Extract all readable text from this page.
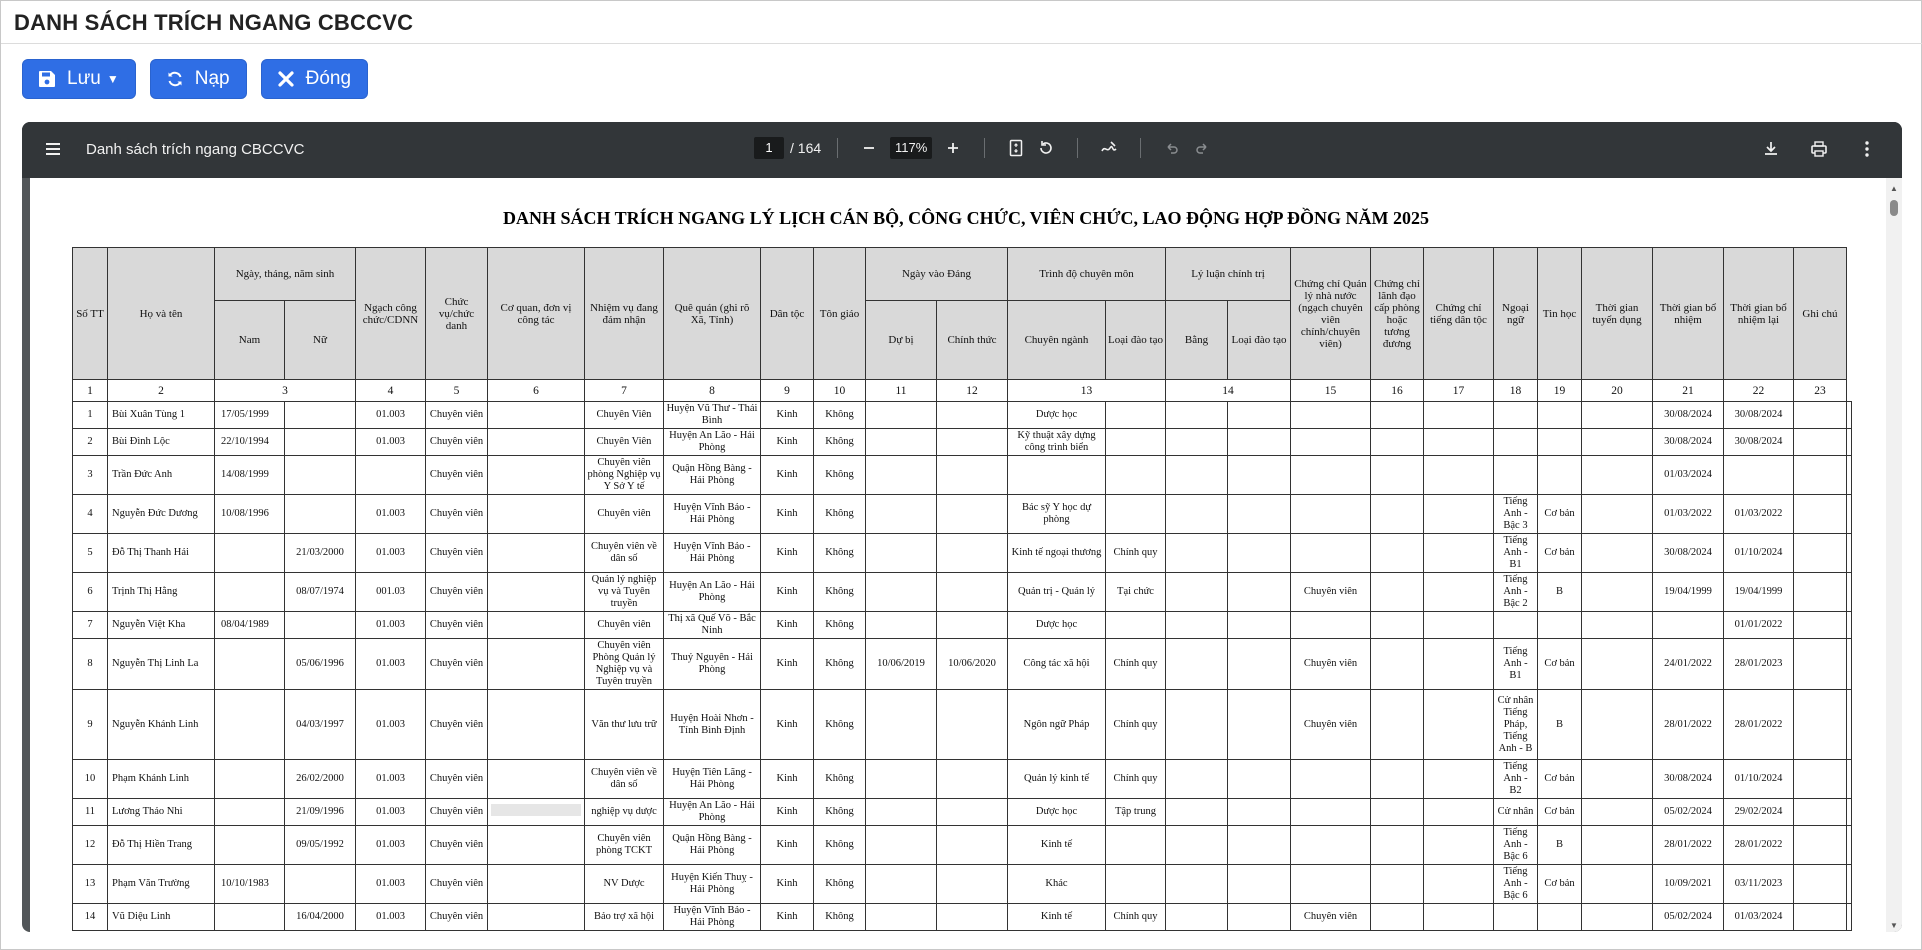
DANH SÁCH TRÍCH NGANG CBCCVC
Lưu ▼	Nạp	Đóng
Danh sách trích ngang CBCCVC	1	/ 164	117%
DANH SÁCH TRÍCH NGANG LÝ LỊCH CÁN BỘ, CÔNG CHỨC, VIÊN CHỨC, LAO ĐỘNG HỢP ĐỒNG NĂM 2025
Số TT	Họ và tên	Ngày, tháng, năm sinh		Ngạch công chức/CDNN	Chức vụ/chức danh	Cơ quan, đơn vị công tác	Nhiệm vụ đang đảm nhận	Quê quán (ghi rõ Xã, Tỉnh)	Dân tộc	Tôn giáo	Ngày vào Đảng		Trình độ chuyên môn		Lý luận chính trị		Chứng chỉ Quản lý nhà nước (ngạch chuyên viên chính/chuyên viên)	Chứng chỉ lãnh đạo cấp phòng hoặc tương đương	Chứng chỉ tiếng dân tộc	Ngoại ngữ	Tin học	Thời gian tuyển dụng	Thời gian bổ nhiệm	Thời gian bổ nhiệm lại	Ghi chú	
		Nam	Nữ								Dự bị	Chính thức	Chuyên ngành	Loại đào tạo	Bằng	Loại đào tạo										
1	2	3		4	5	6	7	8	9	10	11	12	13		14		15	16	17	18	19	20	21	22	23	
1	Bùi Xuân Tùng 1	17/05/1999		01.003	Chuyên viên		Chuyên Viên	Huyện Vũ Thư - Thái Bình	Kinh	Không			Dược học										30/08/2024	30/08/2024		
2	Bùi Đình Lộc	22/10/1994		01.003	Chuyên viên		Chuyên Viên	Huyện An Lão - Hải Phòng	Kinh	Không			Kỹ thuật xây dựng công trình biển										30/08/2024	30/08/2024		
3	Trần Đức Anh	14/08/1999			Chuyên viên		Chuyên viên phòng Nghiệp vụ Y Sở Y tế	Quận Hồng Bàng - Hải Phòng	Kinh	Không													01/03/2024			
4	Nguyễn Đức Dương	10/08/1996		01.003	Chuyên viên		Chuyên viên	Huyện Vĩnh Bảo - Hải Phòng	Kinh	Không			Bác sỹ Y học dự phòng							Tiếng Anh - Bậc 3	Cơ bản		01/03/2022	01/03/2022		
5	Đỗ Thị Thanh Hải		21/03/2000	01.003	Chuyên viên		Chuyên viên về dân số	Huyện Vĩnh Bảo - Hải Phòng	Kinh	Không			Kinh tế ngoại thương	Chính quy						Tiếng Anh - B1	Cơ bản		30/08/2024	01/10/2024		
6	Trịnh Thị Hằng		08/07/1974	001.03	Chuyên viên		Quản lý nghiệp vụ và Tuyên truyền	Huyện An Lão - Hải Phòng	Kinh	Không			Quản trị - Quản lý	Tại chức			Chuyên viên			Tiếng Anh - Bậc 2	B		19/04/1999	19/04/1999		
7	Nguyễn Việt Kha	08/04/1989		01.003	Chuyên viên		Chuyên viên	Thị xã Quế Võ - Bắc Ninh	Kinh	Không			Dược học											01/01/2022		
8	Nguyễn Thị Linh La		05/06/1996	01.003	Chuyên viên		Chuyên viên Phòng Quản lý Nghiệp vụ và Tuyên truyền	Thuỷ Nguyên - Hải Phòng	Kinh	Không	10/06/2019	10/06/2020	Công tác xã hội	Chính quy			Chuyên viên			Tiếng Anh - B1	Cơ bản		24/01/2022	28/01/2023		
9	Nguyễn Khánh Linh		04/03/1997	01.003	Chuyên viên		Văn thư lưu trữ	Huyện Hoài Nhơn - Tỉnh Bình Định	Kinh	Không			Ngôn ngữ Pháp	Chính quy			Chuyên viên			Cử nhân Tiếng Pháp, Tiếng Anh - B	B		28/01/2022	28/01/2022		
10	Phạm Khánh Linh		26/02/2000	01.003	Chuyên viên		Chuyên viên về dân số	Huyện Tiên Lãng - Hải Phòng	Kinh	Không			Quản lý kinh tế	Chính quy						Tiếng Anh - B2	Cơ bản		30/08/2024	01/10/2024		
11	Lương Thảo Nhi		21/09/1996	01.003	Chuyên viên		nghiệp vụ dược	Huyện An Lão - Hải Phòng	Kinh	Không			Dược học	Tập trung						Cử nhân	Cơ bản		05/02/2024	29/02/2024		
12	Đỗ Thị Hiền Trang		09/05/1992	01.003	Chuyên viên		Chuyên viên phòng TCKT	Quận Hồng Bàng - Hải Phòng	Kinh	Không			Kinh tế							Tiếng Anh - Bậc 6	B		28/01/2022	28/01/2022		
13	Phạm Văn Trường	10/10/1983		01.003	Chuyên viên		NV Dược	Huyện Kiến Thuỵ - Hải Phòng	Kinh	Không			Khác							Tiếng Anh - Bậc 6	Cơ bản		10/09/2021	03/11/2023		
14	Vũ Diệu Linh		16/04/2000	01.003	Chuyên viên		Bảo trợ xã hội	Huyện Vĩnh Bảo - Hải Phòng	Kinh	Không			Kinh tế	Chính quy			Chuyên viên						05/02/2024	01/03/2024		
▲
▼
